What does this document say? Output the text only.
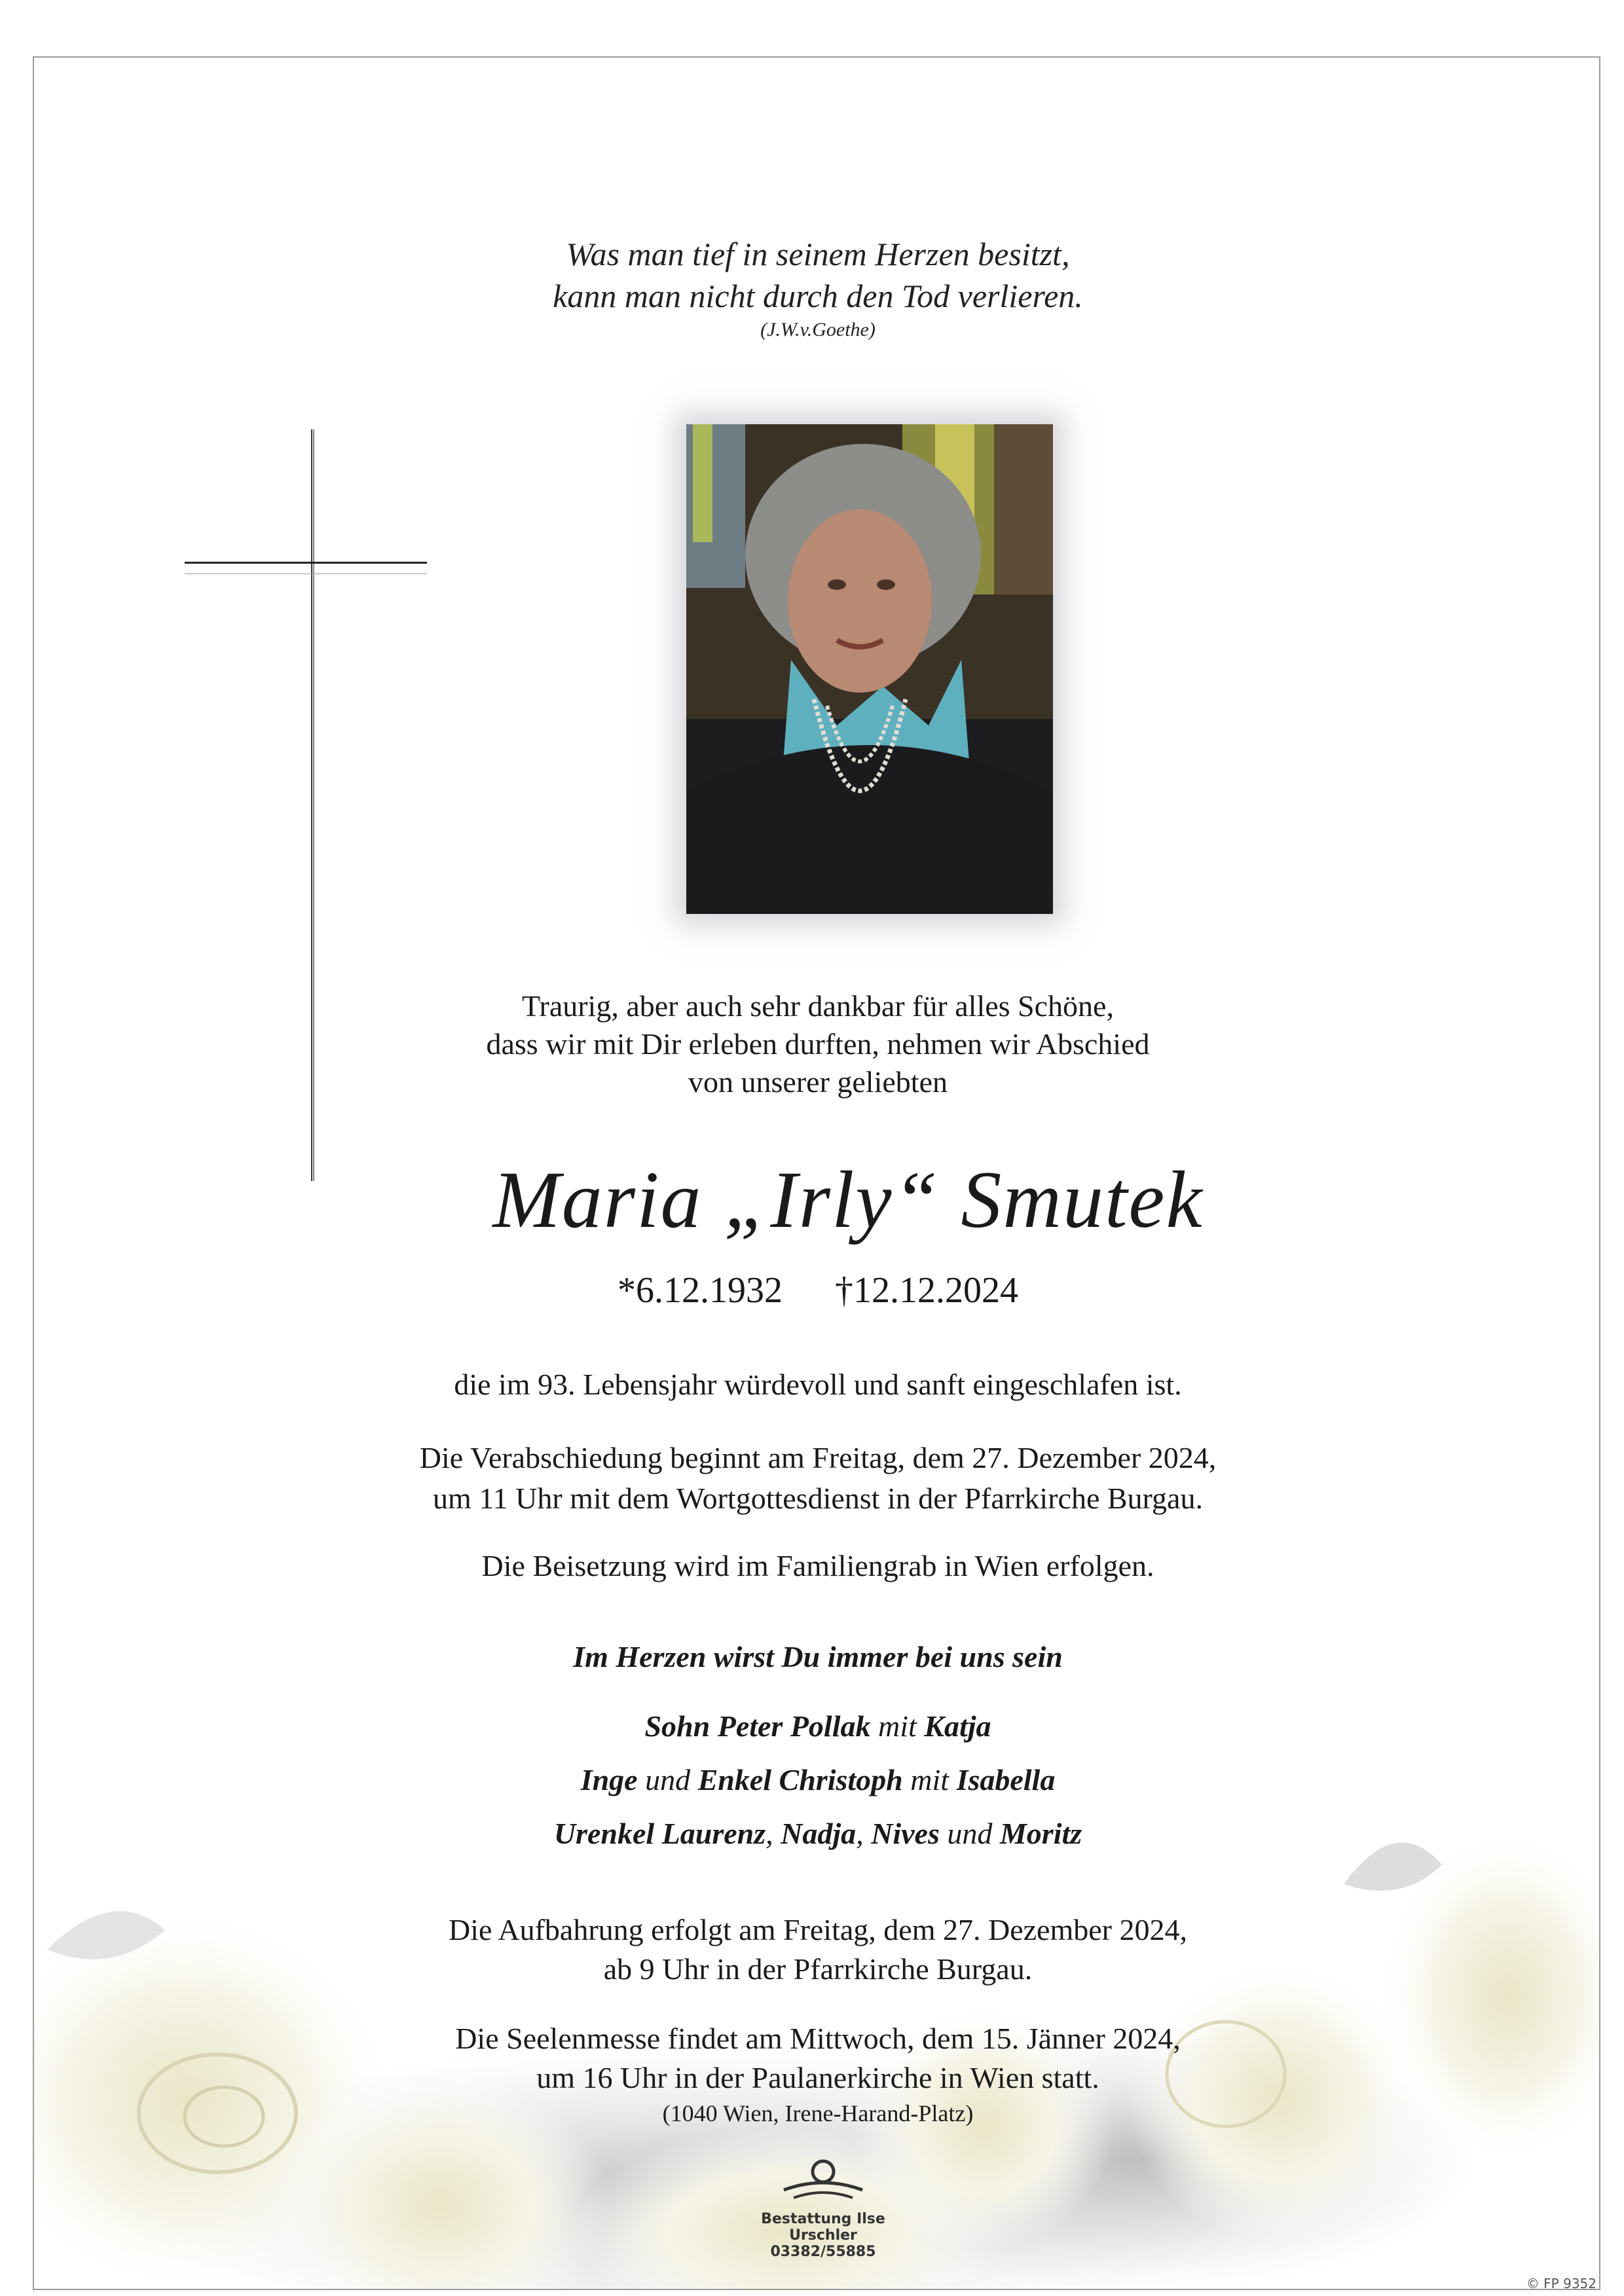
Was man tief in seinem Herzen besitzt,
kann man nicht durch den Tod verlieren.
(J.W.v.Goethe)
Traurig, aber auch sehr dankbar für alles Schöne,
dass wir mit Dir erleben durften, nehmen wir Abschied
von unserer geliebten
Maria „Irly“ Smutek
*6.12.1932 †12.12.2024
die im 93. Lebensjahr würdevoll und sanft eingeschlafen ist.
Die Verabschiedung beginnt am Freitag, dem 27. Dezember 2024,
um 11 Uhr mit dem Wortgottesdienst in der Pfarrkirche Burgau.
Die Beisetzung wird im Familiengrab in Wien erfolgen.
Im Herzen wirst Du immer bei uns sein
Sohn Peter Pollak mit Katja
Inge und Enkel Christoph mit Isabella
Urenkel Laurenz, Nadja, Nives und Moritz
Die Aufbahrung erfolgt am Freitag, dem 27. Dezember 2024,
ab 9 Uhr in der Pfarrkirche Burgau.
Die Seelenmesse findet am Mittwoch, dem 15. Jänner 2024,
um 16 Uhr in der Paulanerkirche in Wien statt.
(1040 Wien, Irene-Harand-Platz)
Bestattung Ilse Urschler
03382/55885
© FP 9352
